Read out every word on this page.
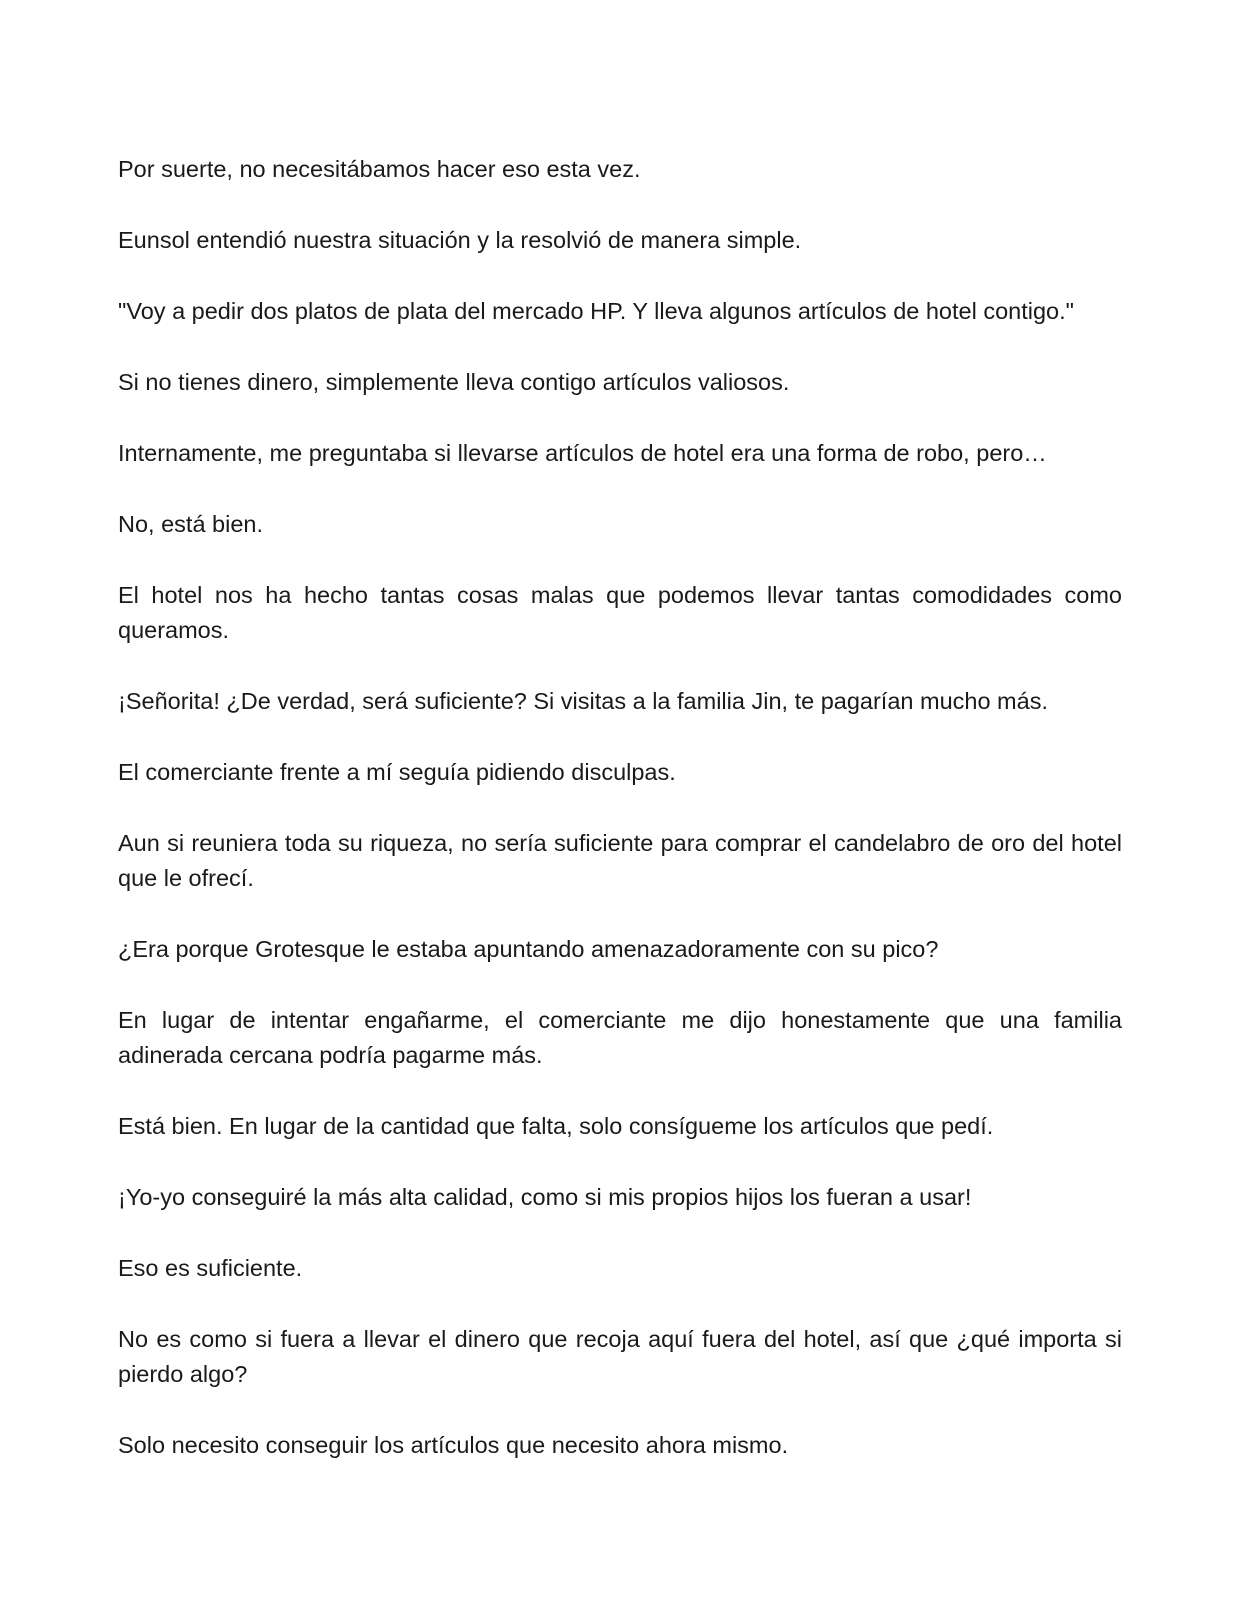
Por suerte, no necesitábamos hacer eso esta vez.

Eunsol entendió nuestra situación y la resolvió de manera simple.

"Voy a pedir dos platos de plata del mercado HP. Y lleva algunos artículos de hotel contigo."

Si no tienes dinero, simplemente lleva contigo artículos valiosos.

Internamente, me preguntaba si llevarse artículos de hotel era una forma de robo, pero…

No, está bien.

El hotel nos ha hecho tantas cosas malas que podemos llevar tantas comodidades como queramos.

¡Señorita! ¿De verdad, será suficiente? Si visitas a la familia Jin, te pagarían mucho más.

El comerciante frente a mí seguía pidiendo disculpas.

Aun si reuniera toda su riqueza, no sería suficiente para comprar el candelabro de oro del hotel que le ofrecí.

¿Era porque Grotesque le estaba apuntando amenazadoramente con su pico?

En lugar de intentar engañarme, el comerciante me dijo honestamente que una familia adinerada cercana podría pagarme más.

Está bien. En lugar de la cantidad que falta, solo consígueme los artículos que pedí.

¡Yo-yo conseguiré la más alta calidad, como si mis propios hijos los fueran a usar!

Eso es suficiente.

No es como si fuera a llevar el dinero que recoja aquí fuera del hotel, así que ¿qué importa si pierdo algo?

Solo necesito conseguir los artículos que necesito ahora mismo.
